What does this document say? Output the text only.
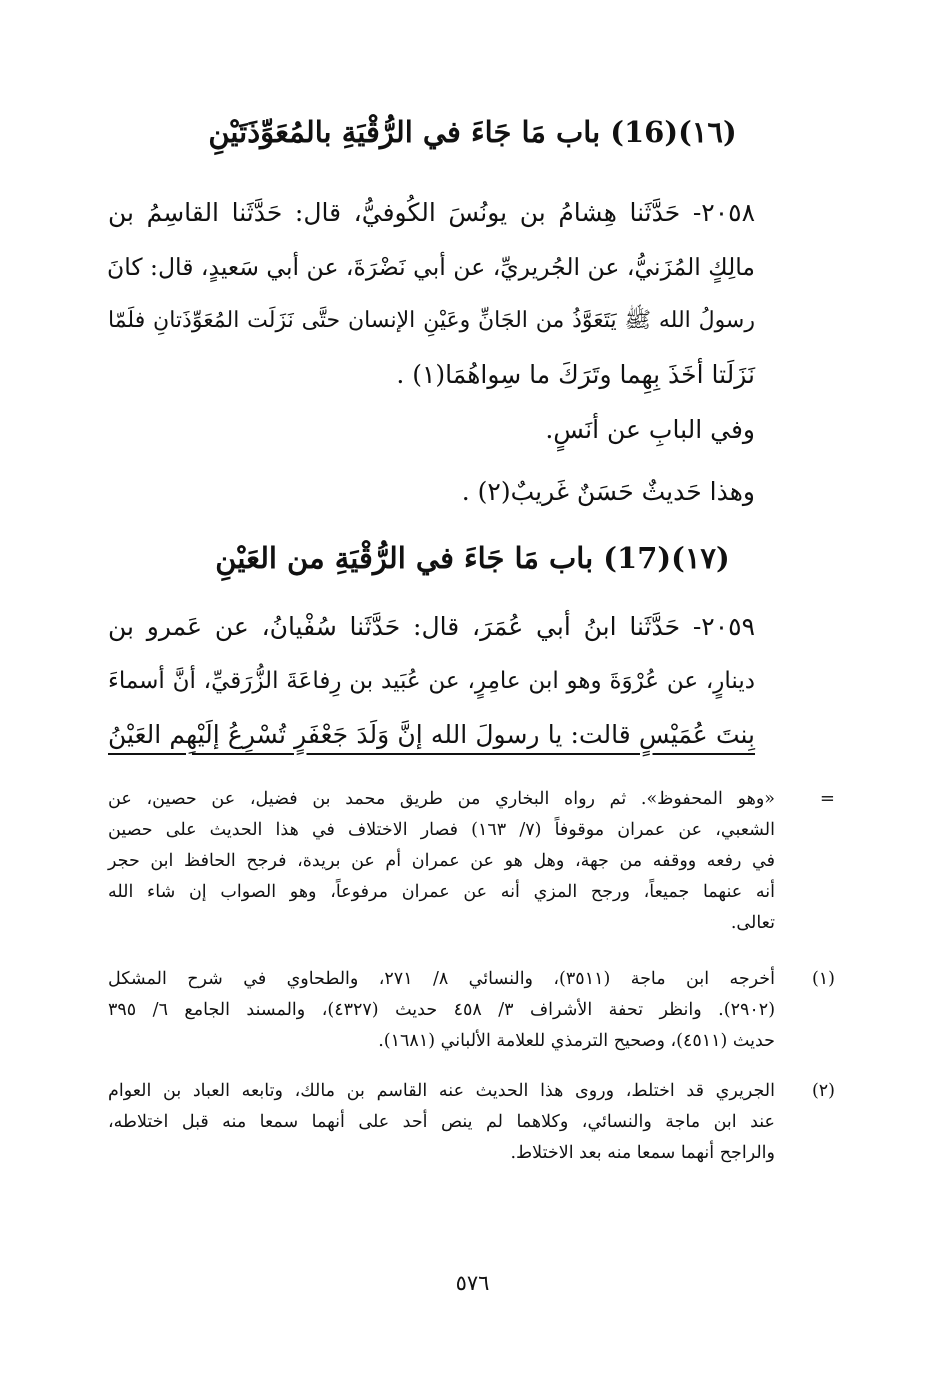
(١٦)(16) باب مَا جَاءَ في الرُّقْيَةِ بالمُعَوِّذَتَيْنِ
٢٠٥٨- حَدَّثَنا هِشامُ بن يونُسَ الكُوفيُّ، قال: حَدَّثَنا القاسِمُ بن
مالِكٍ المُزَنيُّ، عن الجُريريِّ، عن أبي نَضْرَةَ، عن أبي سَعيدٍ، قال: كانَ
رسولُ الله ﷺ يَتَعَوَّذُ من الجَانِّ وعَيْنِ الإنسان حتَّى نَزَلَت المُعَوِّذَتانِ فلَمّا
نَزَلَتا أخَذَ بِهِما وتَرَكَ ما سِواهُمَا(١) .
وفي البابِ عن أنَسٍ.
وهذا حَديثٌ حَسَنٌ غَريبٌ(٢) .
(١٧)(17) باب مَا جَاءَ في الرُّقْيَةِ من العَيْنِ
٢٠٥٩- حَدَّثَنا ابنُ أبي عُمَرَ، قال: حَدَّثَنا سُفْيانُ، عن عَمرو بن
دينارٍ، عن عُرْوَةَ وهو ابن عامِرٍ، عن عُبَيد بن رِفاعَةَ الزُّرَقيِّ، أنَّ أسماءَ
بِنتَ عُمَيْسٍ قالت: يا رسولَ الله إنَّ وَلَدَ جَعْفَرٍ تُسْرِعُ إلَيْهِم العَيْنُ
=
«وهو المحفوظ». ثم رواه البخاري من طريق محمد بن فضيل، عن حصين، عن
الشعبي، عن عمران موقوفاً (٧/ ١٦٣) فصار الاختلاف في هذا الحديث على حصين
في رفعه ووقفه من جهة، وهل هو عن عمران أم عن بريدة، فرجح الحافظ ابن حجر
أنه عنهما جميعاً، ورجح المزي أنه عن عمران مرفوعاً، وهو الصواب إن شاء الله
تعالى.
(١)
أخرجه ابن ماجة (٣٥١١)، والنسائي ٨/ ٢٧١، والطحاوي في شرح المشكل
(٢٩٠٢). وانظر تحفة الأشراف ٣/ ٤٥٨ حديث (٤٣٢٧)، والمسند الجامع ٦/ ٣٩٥
حديث (٤٥١١)، وصحيح الترمذي للعلامة الألباني (١٦٨١).
(٢)
الجريري قد اختلط، وروى هذا الحديث عنه القاسم بن مالك، وتابعه العباد بن العوام
عند ابن ماجة والنسائي، وكلاهما لم ينص أحد على أنهما سمعا منه قبل اختلاطه،
والراجح أنهما سمعا منه بعد الاختلاط.
٥٧٦
